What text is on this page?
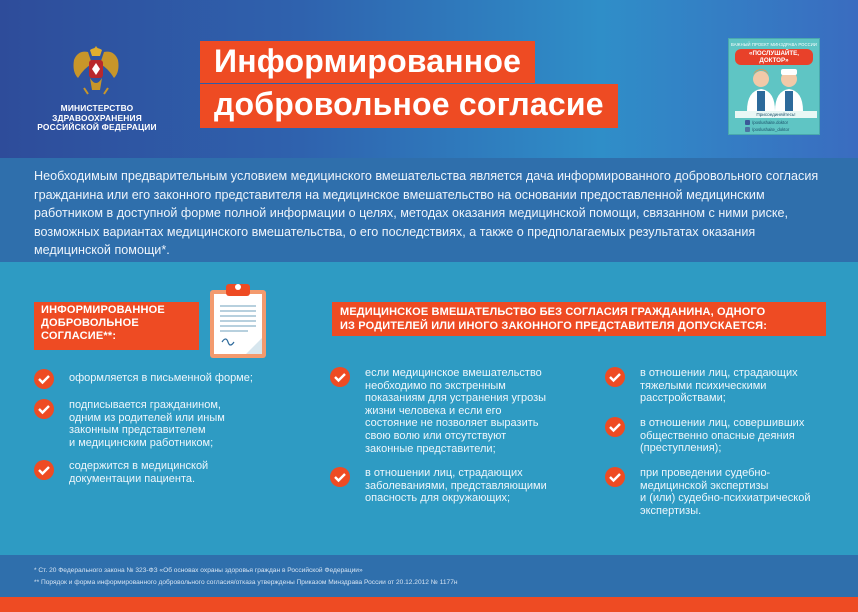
МИНИСТЕРСТВО
ЗДРАВООХРАНЕНИЯ
РОССИЙСКОЙ ФЕДЕРАЦИИ
Информированное
добровольное согласие
ВАЖНЫЙ ПРОЕКТ МИНЗДРАВА РОССИИ
«ПОСЛУШАЙТЕ, ДОКТОР»
Присоединяйтесь!
/poslushaite.doktor
/poslushaite_doktor

Необходимым предварительным условием медицинского вмешательства является дача информированного добровольного согласия гражданина или его законного представителя на медицинское вмешательство на основании предоставленной медицинским работником в доступной форме полной информации о целях, методах оказания медицинской помощи, связанном с ними риске, возможных вариантах медицинского вмешательства, о его последствиях, а также о предполагаемых результатах оказания медицинской помощи*.

ИНФОРМИРОВАННОЕ
ДОБРОВОЛЬНОЕ
СОГЛАСИЕ**:
оформляется в письменной форме;
подписывается гражданином,
одним из родителей или иным
законным представителем
и медицинским работником;
содержится в медицинской
документации пациента.
МЕДИЦИНСКОЕ ВМЕШАТЕЛЬСТВО БЕЗ СОГЛАСИЯ ГРАЖДАНИНА, ОДНОГО
ИЗ РОДИТЕЛЕЙ ИЛИ ИНОГО ЗАКОННОГО ПРЕДСТАВИТЕЛЯ ДОПУСКАЕТСЯ:
если медицинское вмешательство
необходимо по экстренным
показаниям для устранения угрозы
жизни человека и если его
состояние не позволяет выразить
свою волю или отсутствуют
законные представители;
в отношении лиц, страдающих
заболеваниями, представляющими
опасность для окружающих;
в отношении лиц, страдающих
тяжелыми психическими
расстройствами;
в отношении лиц, совершивших
общественно опасные деяния
(преступления);
при проведении судебно-
медицинской экспертизы
и (или) судебно-психиатрической
экспертизы.

* Ст. 20 Федерального закона № 323-ФЗ «Об основах охраны здоровья граждан в Российской Федерации»

** Порядок и форма информированного добровольного согласия/отказа утверждены Приказом Минздрава России от 20.12.2012 № 1177н
